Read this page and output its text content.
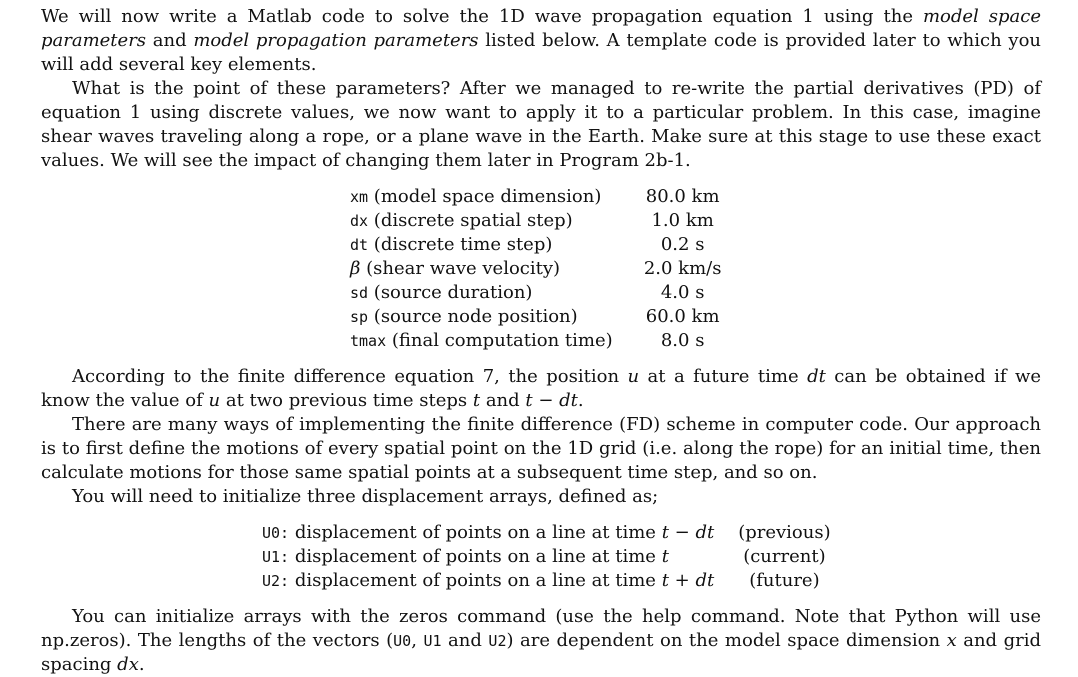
We will now write a Matlab code to solve the 1D wave propagation equation 1 using the model space parameters and model propagation parameters listed below. A template code is provided later to which you will add several key elements.

What is the point of these parameters? After we managed to re-write the partial derivatives (PD) of equation 1 using discrete values, we now want to apply it to a particular problem. In this case, imagine shear waves traveling along a rope, or a plane wave in the Earth. Make sure at this stage to use these exact values. We will see the impact of changing them later in Program 2b-1.

xm (model space dimension)	80.0 km
dx (discrete spatial step)	1.0 km
dt (discrete time step)	0.2 s
β (shear wave velocity)	2.0 km/s
sd (source duration)	4.0 s
sp (source node position)	60.0 km
tmax (final computation time)	8.0 s

According to the finite difference equation 7, the position u at a future time dt can be obtained if we know the value of u at two previous time steps t and t − dt.

There are many ways of implementing the finite difference (FD) scheme in computer code. Our approach is to first define the motions of every spatial point on the 1D grid (i.e. along the rope) for an initial time, then calculate motions for those same spatial points at a subsequent time step, and so on.

You will need to initialize three displacement arrays, defined as;

U0: displacement of points on a line at time t − dt	(previous)
U1: displacement of points on a line at time t	(current)
U2: displacement of points on a line at time t + dt	(future)

You can initialize arrays with the zeros command (use the help command. Note that Python will use np.zeros). The lengths of the vectors (U0, U1 and U2) are dependent on the model space dimension x and grid spacing dx.
